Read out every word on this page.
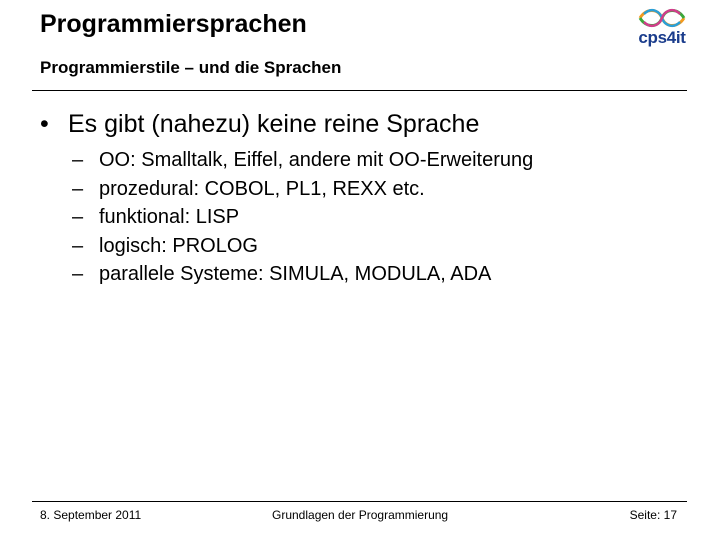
Programmiersprachen
Programmierstile – und die Sprachen
cps4it
• Es gibt (nahezu) keine reine Sprache
– OO: Smalltalk, Eiffel, andere mit OO-Erweiterung
– prozedural: COBOL, PL1, REXX etc.
– funktional: LISP
– logisch: PROLOG
– parallele Systeme: SIMULA, MODULA, ADA
8. September 2011	Grundlagen der Programmierung	Seite: 17
